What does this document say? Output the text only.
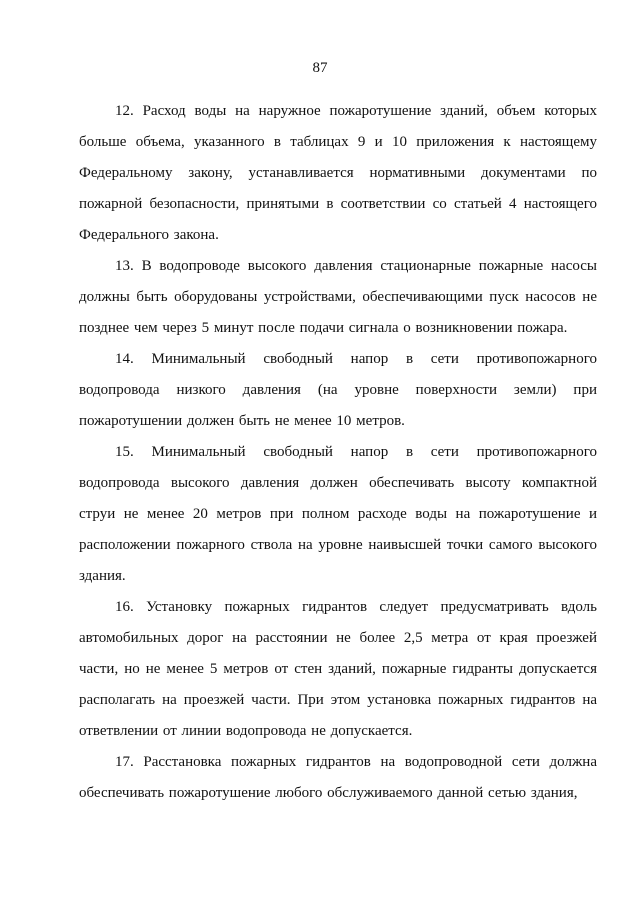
87

12. Расход воды на наружное пожаротушение зданий, объем которых больше объема, указанного в таблицах 9 и 10 приложения к настоящему Федеральному закону, устанавливается нормативными документами по пожарной безопасности, принятыми в соответствии со статьей 4 настоящего Федерального закона.

13. В водопроводе высокого давления стационарные пожарные насосы должны быть оборудованы устройствами, обеспечивающими пуск насосов не позднее чем через 5 минут после подачи сигнала о возникновении пожара.

14. Минимальный свободный напор в сети противопожарного водопровода низкого давления (на уровне поверхности земли) при пожаротушении должен быть не менее 10 метров.

15. Минимальный свободный напор в сети противопожарного водопровода высокого давления должен обеспечивать высоту компактной струи не менее 20 метров при полном расходе воды на пожаротушение и расположении пожарного ствола на уровне наивысшей точки самого высокого здания.

16. Установку пожарных гидрантов следует предусматривать вдоль автомобильных дорог на расстоянии не более 2,5 метра от края проезжей части, но не менее 5 метров от стен зданий, пожарные гидранты допускается располагать на проезжей части. При этом установка пожарных гидрантов на ответвлении от линии водопровода не допускается.

17. Расстановка пожарных гидрантов на водопроводной сети должна обеспечивать пожаротушение любого обслуживаемого данной сетью здания,
